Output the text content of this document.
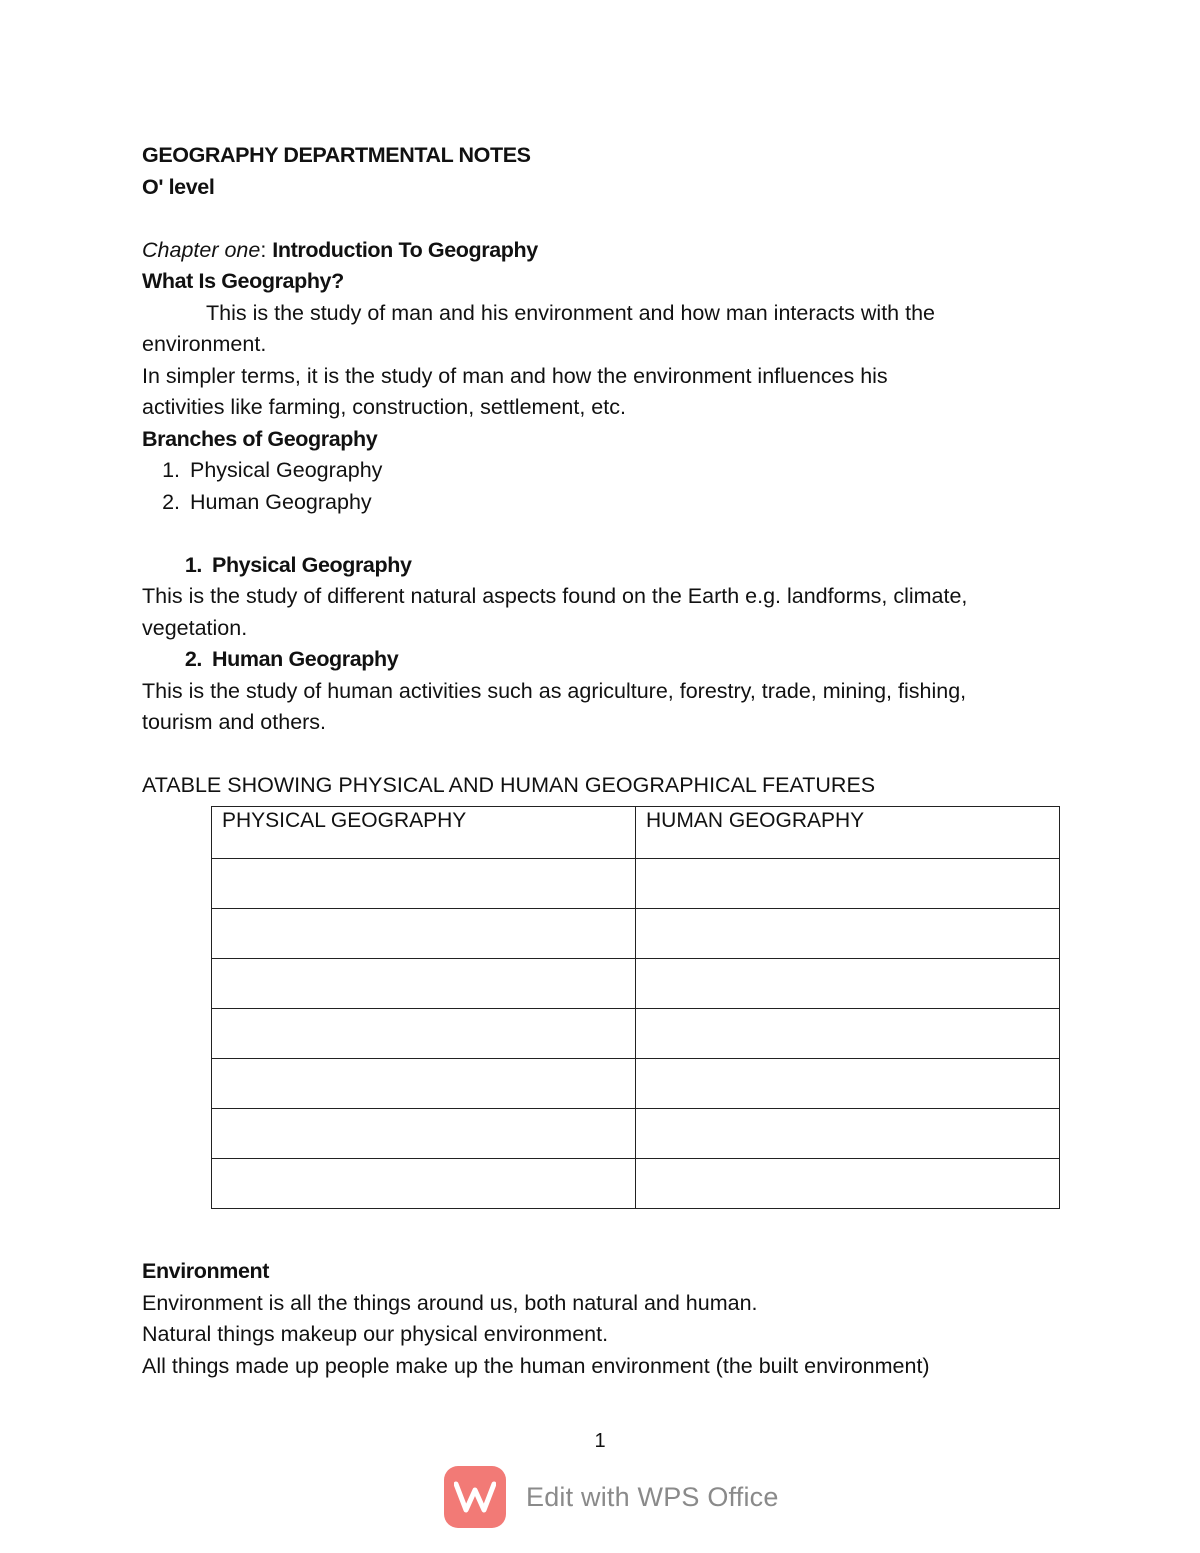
GEOGRAPHY DEPARTMENTAL NOTES
O' level
Chapter one: Introduction To Geography
What Is Geography?
This is the study of man and his environment and how man interacts with the
environment.
In simpler terms, it is the study of man and how the environment influences his
activities like farming, construction, settlement, etc.
Branches of Geography
1. Physical Geography
2. Human Geography
1. Physical Geography
This is the study of different natural aspects found on the Earth e.g. landforms, climate,
vegetation.
2. Human Geography
This is the study of human activities such as agriculture, forestry, trade, mining, fishing,
tourism and others.
ATABLE SHOWING PHYSICAL AND HUMAN GEOGRAPHICAL FEATURES
PHYSICAL GEOGRAPHY	HUMAN GEOGRAPHY

Environment
Environment is all the things around us, both natural and human.
Natural things makeup our physical environment.
All things made up people make up the human environment (the built environment)
1
Edit with WPS Office
